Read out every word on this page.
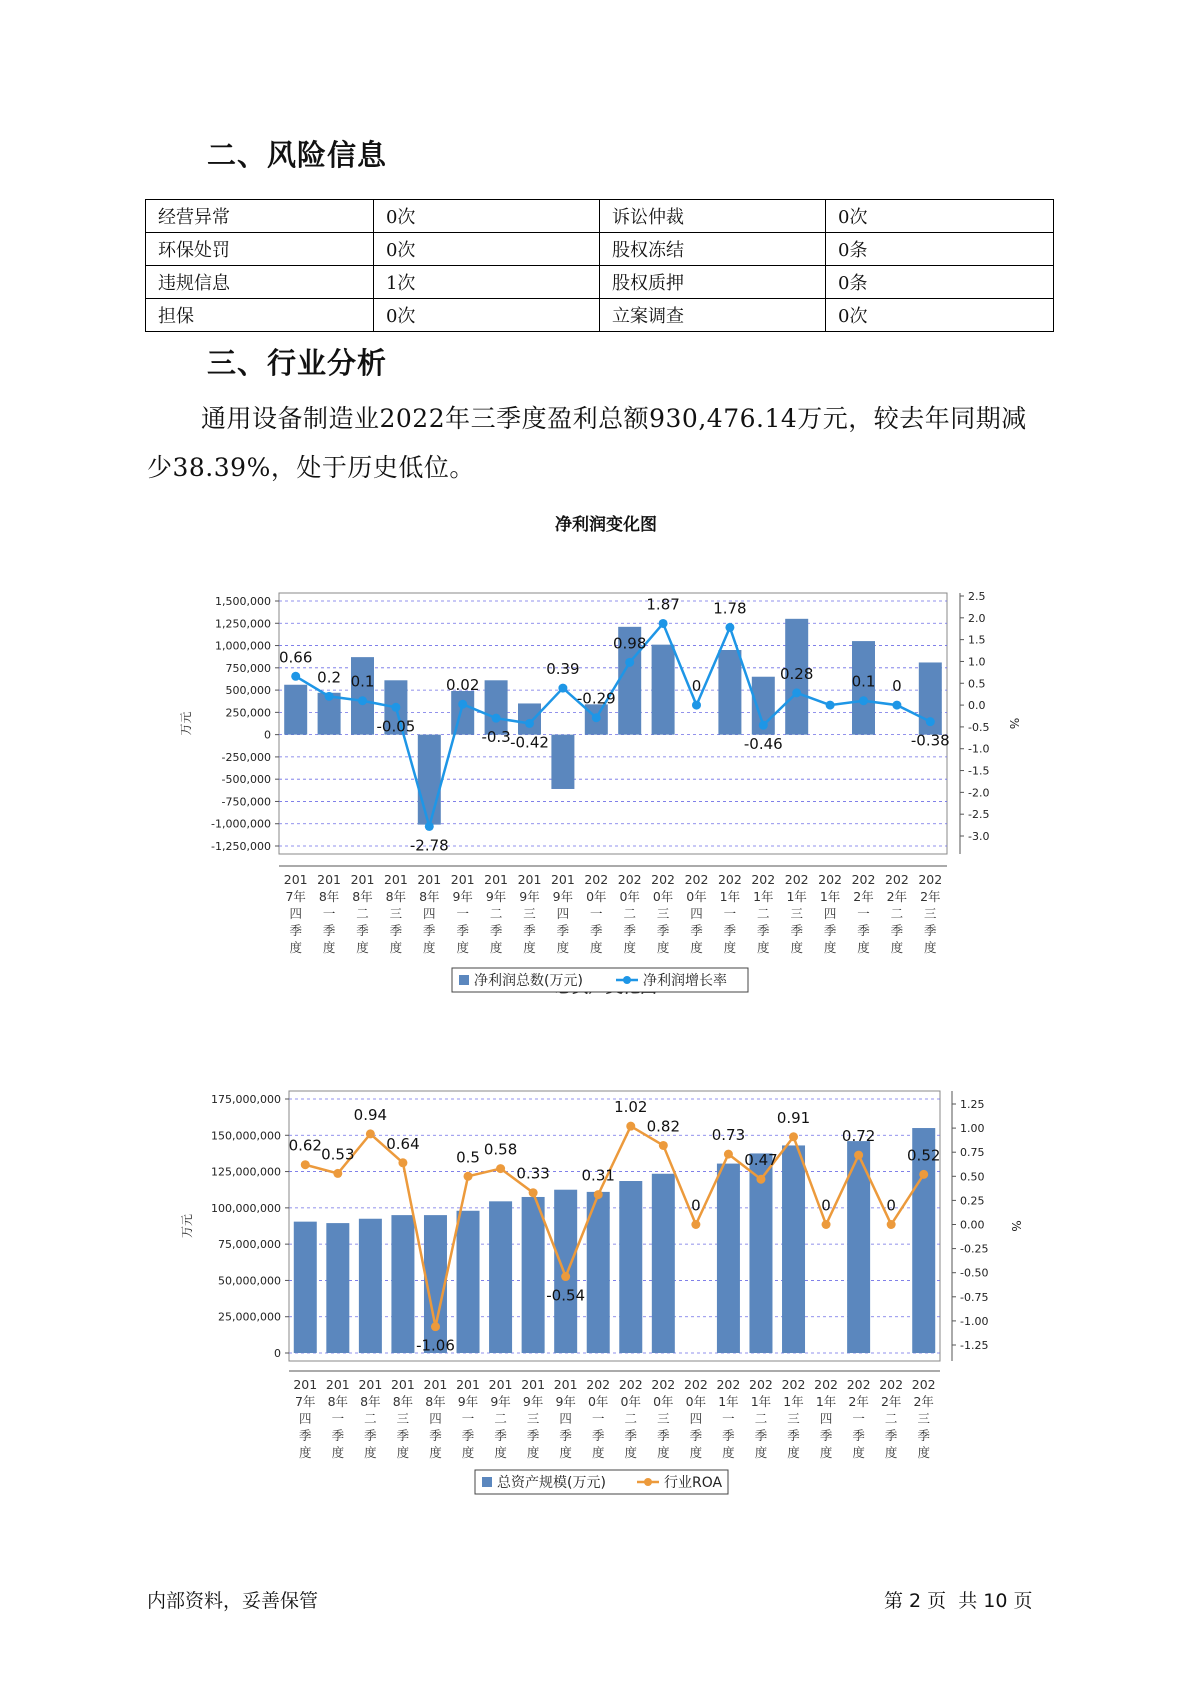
二、风险信息
经营异常	0次	诉讼仲裁	0次
环保处罚	0次	股权冻结	0条
违规信息	1次	股权质押	0条
担保	0次	立案调查	0次
三、行业分析
通用设备制造业2022年三季度盈利总额930,476.14万元，较去年同期减少38.39%，处于历史低位。
净利润变化图
1,500,000
1,250,000
1,000,000
750,000
500,000
250,000
0
-250,000
-500,000
-750,000
-1,000,000
-1,250,000
2.5
2.0
1.5
1.0
0.5
0.0
-0.5
-1.0
-1.5
-2.0
-2.5
-3.0
万元	%
0.66
0.2 0.1
-0.05
-2.78
0.02
-0.3 -0.42
0.39
-0.29
0.98
1.87
0
1.78
-0.46
0.28	0.1 0
-0.38
201
7年
四
季
度
201
8年
一
季
度
201
8年
二
季
度
201
8年
三
季
度
201
8年
四
季
度
201
9年
一
季
度
201
9年
二
季
度
201
9年
三
季
度
201
9年
四
季
度
202
0年
一
季
度
202
0年
二
季
度
202
0年
三
季
度
202
0年
四
季
度
202
1年
一
季
度
202
1年
二
季
度
202
1年
三
季
度
202
1年
四
季
度
202
2年
一
季
度
202
2年
二
季
度
202
2年
三
季
度
净利润总数(万元)	净利润增长率
175,000,000
150,000,000
125,000,000
100,000,000
75,000,000
50,000,000
25,000,000
0
1.25
1.00
0.75
0.50
0.25
0.00
-0.25
-0.50
-0.75
-1.00
-1.25
万元	%
0.62 0.53
0.94
0.64
-1.06
0.5 0.58
0.33
-0.54
0.31
1.02
0.82
0
0.73
0.47
0.91
0
0.72
0
0.52
201
7年
四
季
度
201
8年
一
季
度
201
8年
二
季
度
201
8年
三
季
度
201
8年
四
季
度
201
9年
一
季
度
201
9年
二
季
度
201
9年
三
季
度
201
9年
四
季
度
202
0年
一
季
度
202
0年
二
季
度
202
0年
三
季
度
202
0年
四
季
度
202
1年
一
季
度
202
1年
二
季
度
202
1年
三
季
度
202
1年
四
季
度
202
2年
一
季
度
202
2年
二
季
度
202
2年
三
季
度
总资产规模(万元)	行业ROA
内部资料，妥善保管	第 2 页  共 10 页
